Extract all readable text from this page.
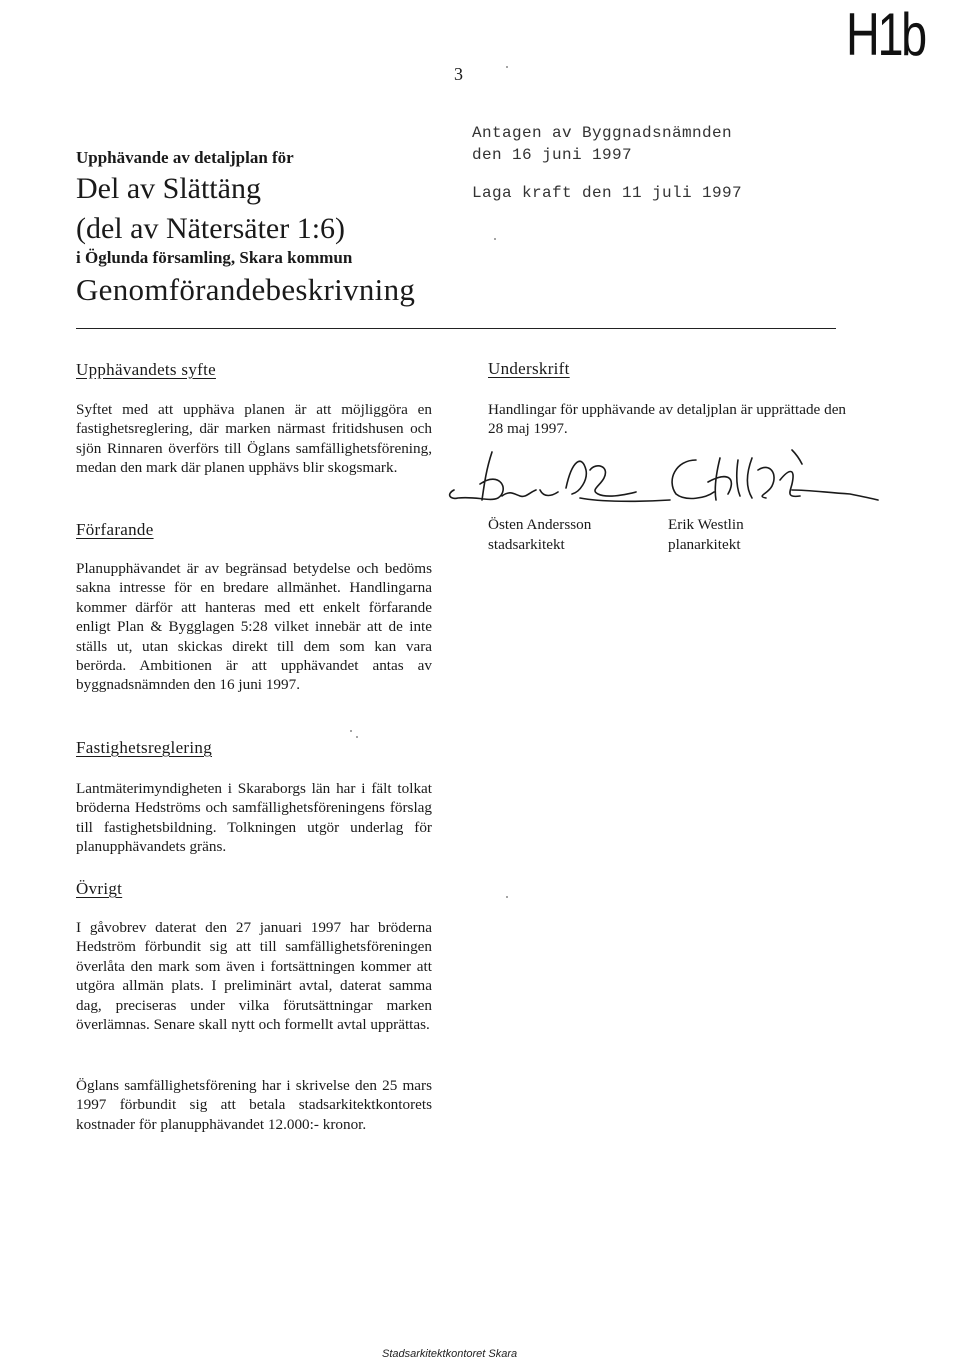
H1b
3
Upphävande av detaljplan för
Del av Slättäng
(del av Nätersäter 1:6)
i Öglunda församling, Skara kommun
Genomförandebeskrivning
Antagen av Byggnadsnämnden
den 16 juni 1997
Laga kraft den 11 juli 1997
Upphävandets syfte
Syftet med att upphäva planen är att möjliggöra en fastighetsreglering, där marken närmast fritidshusen och sjön Rinnaren överförs till Öglans samfällighetsförening, medan den mark där planen upphävs blir skogsmark.
Förfarande
Planupphävandet är av begränsad betydelse och bedöms sakna intresse för en bredare allmänhet. Handlingarna kommer därför att hanteras med ett enkelt förfarande enligt Plan & Bygglagen 5:28 vilket innebär att de inte ställs ut, utan skickas direkt till dem som kan vara berörda. Ambitionen är att upphävandet antas av byggnadsnämnden den 16 juni 1997.
Fastighetsreglering
Lantmäterimyndigheten i Skaraborgs län har i fält tolkat bröderna Hedströms och samfällighetsföreningens förslag till fastighetsbildning. Tolkningen utgör underlag för planupphävandets gräns.
Övrigt
I gåvobrev daterat den 27 januari 1997 har bröderna Hedström förbundit sig att till samfällighetsföreningen överlåta den mark som även i fortsättningen kommer att utgöra allmän plats. I preliminärt avtal, daterat samma dag, preciseras under vilka förutsättningar marken överlämnas. Senare skall nytt och formellt avtal upprättas.
Öglans samfällighetsförening har i skrivelse den 25 mars 1997 förbundit sig att betala stadsarkitektkontorets kostnader för planupphävandet 12.000:- kronor.
Underskrift
Handlingar för upphävande av detaljplan är upprättade den 28 maj 1997.
Östen Andersson
stadsarkitekt
Erik Westlin
planarkitekt
Stadsarkitektkontoret Skara
